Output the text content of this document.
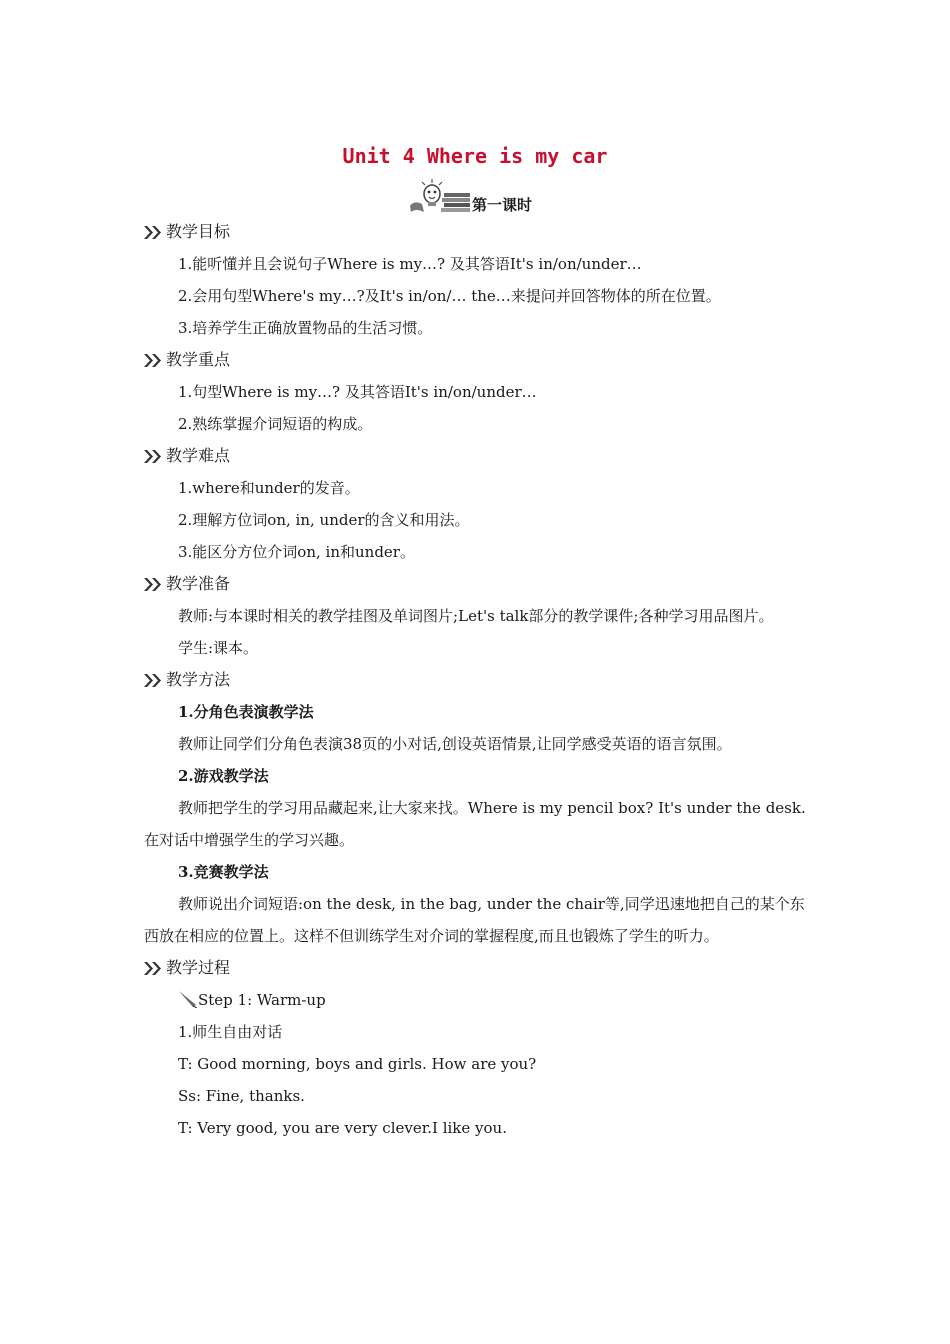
Unit 4 Where is my car
第一课时
教学目标
1.能听懂并且会说句子Where is my…? 及其答语It's in/on/under…
2.会用句型Where's my…?及It's in/on/… the…来提问并回答物体的所在位置。
3.培养学生正确放置物品的生活习惯。
教学重点
1.句型Where is my…? 及其答语It's in/on/under…
2.熟练掌握介词短语的构成。
教学难点
1.where和under的发音。
2.理解方位词on, in, under的含义和用法。
3.能区分方位介词on, in和under。
教学准备
教师:与本课时相关的教学挂图及单词图片;Let's talk部分的教学课件;各种学习用品图片。
学生:课本。
教学方法
1.分角色表演教学法
教师让同学们分角色表演38页的小对话,创设英语情景,让同学感受英语的语言氛围。
2.游戏教学法
教师把学生的学习用品藏起来,让大家来找。Where is my pencil box? It's under the desk.在对话中增强学生的学习兴趣。
3.竞赛教学法
教师说出介词短语:on the desk, in the bag, under the chair等,同学迅速地把自己的某个东西放在相应的位置上。这样不但训练学生对介词的掌握程度,而且也锻炼了学生的听力。
教学过程
Step 1: Warm-up
1.师生自由对话
T: Good morning, boys and girls. How are you?
Ss: Fine, thanks.
T: Very good, you are very clever.I like you.
